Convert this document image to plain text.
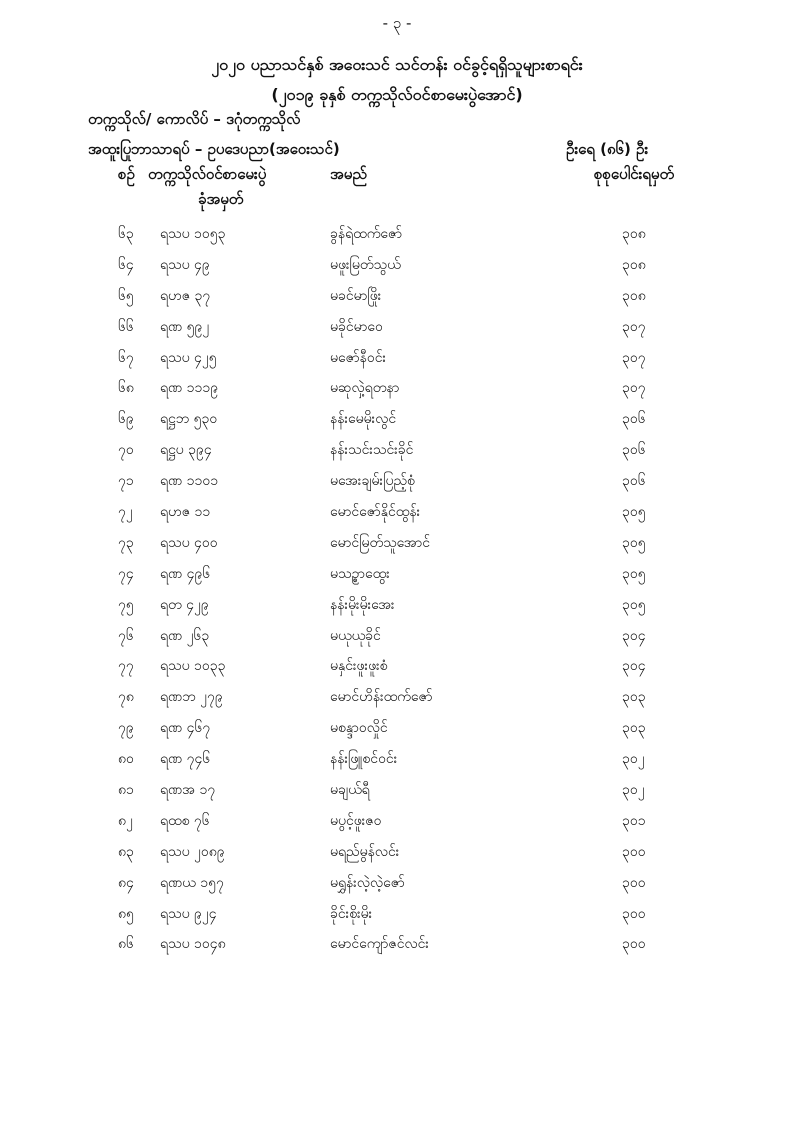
- ၃ -
၂၀၂၀ ပညာသင်နှစ် အဝေးသင် သင်တန်း ဝင်ခွင့်ရရှိသူများစာရင်း
(၂၀၁၉ ခုနှစ် တက္ကသိုလ်ဝင်စာမေးပွဲအောင်)
တက္ကသိုလ်/ ကောလိပ် – ‌ဒဂုံတက္ကသိုလ်
အထူးပြုဘာသာရပ် – ဥပဒေပညာ(အဝေးသင်)	ဦးရေ (၈၆) ဦး
စဉ် တက္ကသိုလ်ဝင်စာမေးပွဲ
ခုံအမှတ်
အမည်	စုစုပေါင်းရမှတ်
၆၃ ရသပ ၁၀၅၃	ခွန်ရဲထက်ဇော်	၃၀၈
၆၄ ရသပ ၄၉	မဖူးမြတ်သွယ်	၃၀၈
၆၅ ရဟဇ ၃၇	မခင်မာဖြိုး	၃၀၈
၆၆ ရဏ ၅၉၂	မခိုင်မာဝေ	၃၀၇
၆၇ ရသပ ၄၂၅	မဇော်နီဝင်း	၃၀၇
၆၈ ရဏ ၁၁၁၉	မဆုလှဲ့ရတနာ	၃၀၇
၆၉ ရဋ္ဌဘ ၅၃၀	နန်းမေမိုးလွင်	၃၀၆
၇၀ ရဋ္ဌပ ၃၉၄	နန်းသင်းသင်းခိုင်	၃၀၆
၇၁ ရဏ ၁၁၀၁	မအေးချမ်းပြည့်စုံ	၃၀၆
၇၂ ရဟဇ ၁၁	မောင်ဇော်နိုင်ထွန်း	၃၀၅
၇၃ ရသပ ၄၀၀	မောင်မြတ်သူအောင်	၃၀၅
၇၄ ရဏ ၄၉၆	မသဥ္စာထွေး	၃၀၅
၇၅ ရတ ၄၂၉	နန်းမိုးမိုးအေး	၃၀၅
၇၆ ရဏ ၂၆၃	မယုယုခိုင်	၃၀၄
၇၇ ရသပ ၁၀၃၃	မနှင်းဖူးဖူးစံ	၃၀၄
၇၈ ရဏဘ ၂၇၉	မောင်ဟိန်းထက်ဇော်	၃၀၃
၇၉ ရဏ ၄၆၇	မစန္ဒာဝလှိုင်	၃၀၃
၈၀ ရဏ ၇၄၆	နန်းဖြူစင်ဝင်း	၃၀၂
၈၁ ရဏအ ၁၇	မချယ်ရီ	၃၀၂
၈၂ ရထစ ၇၆	မပွင့်ဖူးဇ၀	၃၀၁
၈၃ ရသပ ၂၀၈၉	မရည်မွန်လင်း	၃၀၀
၈၄ ရဏယ ၁၅၇	မရွှန်းလဲ့လဲ့ဇော်	၃၀၀
၈၅ ရသပ ၉၂၄	ခိုင်းစိုးမိုး	၃၀၀
၈၆ ရသပ ၁၀၄၈	မောင်ကျော်ဇင်လင်း	၃၀၀
